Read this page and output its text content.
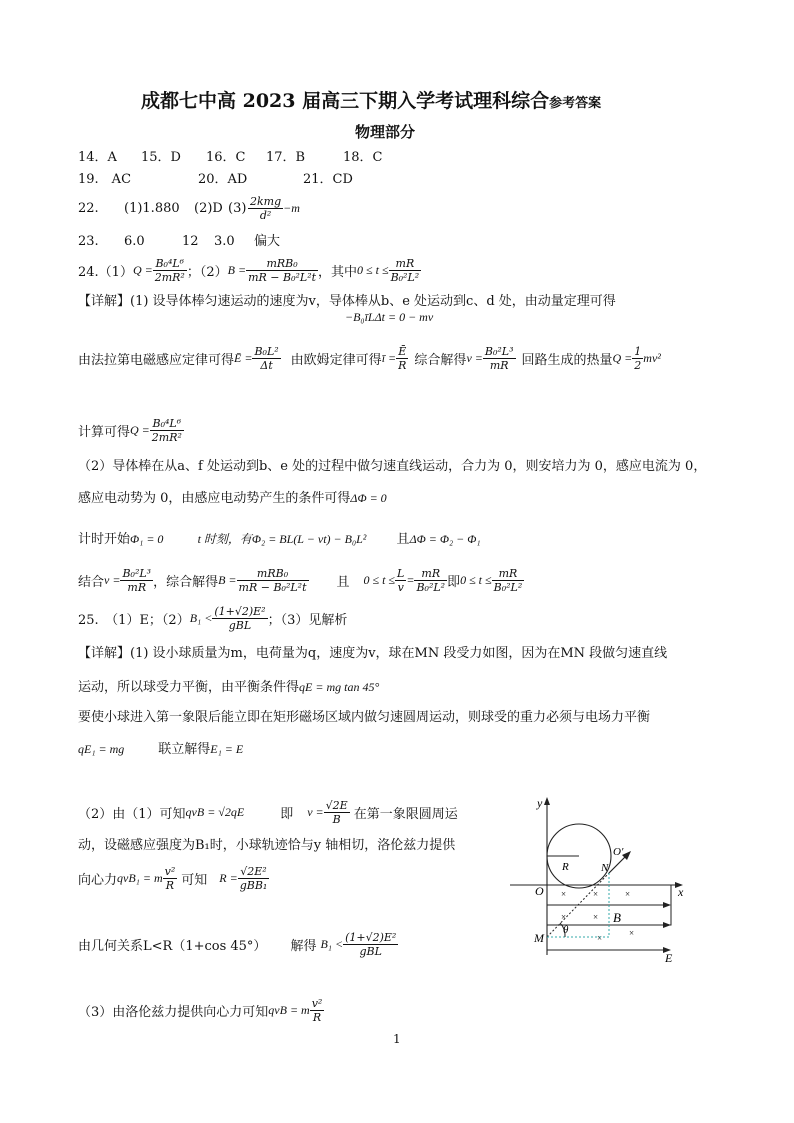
成都七中高 2023 届高三下期入学考试理科综合参考答案
物理部分
14．A 15．D 16．C 17．B	18．C
19.　AC	20．AD	21．CD
22.	(1)1.880	(2)D $(3) \frac{\text{2kmg}}{\text{d²}} -m$
23. 6.0	12 3.0 偏大
24.（1） $Q = \frac{\text{B₀⁴L⁶}}{\text{2mR²}}$ ；（2） $B = \frac{\text{mRB₀}}{\text{mR − B₀²L²t}}$ ，其中 $0 \le t \le \frac{mR}{\text{B₀²L²}}$
【详解】(1) 设导体棒匀速运动的速度为v，导体棒从b、e 处运动到c、d 处，由动量定理可得
−B₀īLΔt = 0 − mv
由法拉第电磁感应定律可得 Ē = $\frac{\text{B₀L²}}{\Delta t}$ 由欧姆定律可得 ī = $\frac{Ē}{R}$ 综合解得 $v = \frac{\text{B₀²L³}}{mR}$ 回路生成的热量 $Q = \frac{1}{2} mv^2$
计算可得 $Q = \frac{\text{B₀⁴L⁶}}{\text{2mR²}}$
（2）导体棒在从a、f 处运动到b、e 处的过程中做匀速直线运动，合力为 0，则安培力为 0，感应电流为 0，
感应电动势为 0，由感应电动势产生的条件可得ΔΦ = 0
计时开始Φ₁ = 0	t 时刻，有Φ₂ = BL(L − vt) − B₀L² 且ΔΦ = Φ₂ − Φ₁
结合 $v = \frac{\text{B₀²L³}}{mR}$ ，综合解得 $B = \frac{\text{mRB₀}}{\text{mR − B₀²L²t}}$ 且 $0 \le t \le \frac{L}{v} = \frac{mR}{\text{B₀²L²}}$ 即 $0 \le t \le \frac{mR}{\text{B₀²L²}}$
25.　（1）E；（2） $B_1 < \frac{\text{(1+√2)E²}}{\text{gBL}}$ ；（3）见解析
【详解】(1) 设小球质量为m，电荷量为q，速度为v，球在MN 段受力如图，因为在MN 段做匀速直线
运动，所以球受力平衡，由平衡条件得qE = mg tan 45°
要使小球进入第一象限后能立即在矩形磁场区域内做匀速圆周运动，则球受的重力必须与电场力平衡
qE₁ = mg	联立解得E₁ = E
（2）由（1）可知 qvB = √2qE	即 $v = \frac{√2E}{B}$ 在第一象限圆周运
动，设磁感应强度为B₁时，小球轨迹恰与y 轴相切，洛伦兹力提供
向心力 qvB₁ = m $\frac{\text{v²}}{R}$ 可知 $R = \frac{\text{√2E²}}{\text{gBB₁}}$
由几何关系L<R（1+cos 45°） 解得 $B_1 < \frac{\text{(1+√2)E²}}{\text{gBL}}$
（3）由洛伦兹力提供向心力可知 qvB = m $\frac{\text{v²}}{R}$
y
x
O
R
O′
×	×	×
×	×
×
×
B
E
θ
M
N
1
